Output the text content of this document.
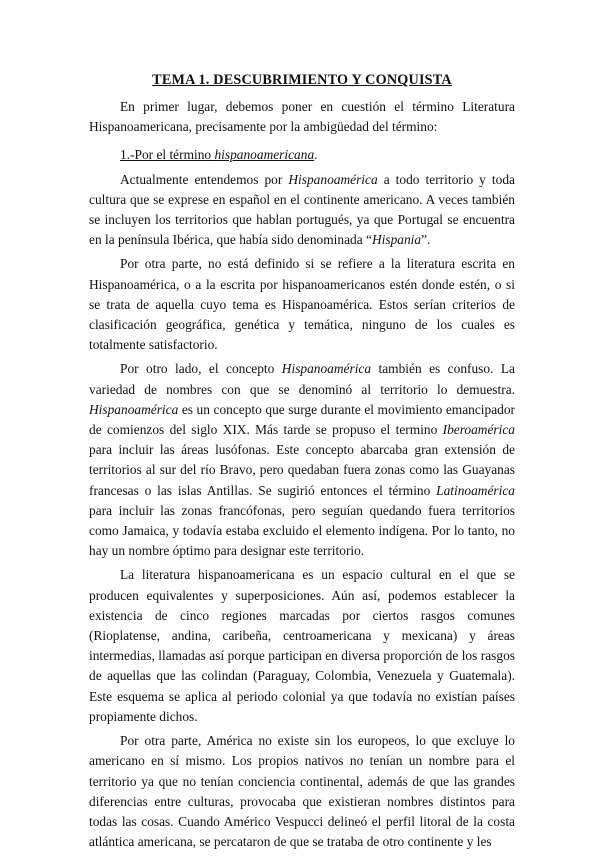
TEMA 1. DESCUBRIMIENTO Y CONQUISTA

En primer lugar, debemos poner en cuestión el término Literatura Hispanoamericana, precisamente por la ambigüedad del término:

1.-Por el término hispanoamericana.

Actualmente entendemos por Hispanoamérica a todo territorio y toda cultura que se exprese en español en el continente americano. A veces también se incluyen los territorios que hablan portugués, ya que Portugal se encuentra en la península Ibérica, que había sido denominada “Hispania”.

Por otra parte, no está definido si se refiere a la literatura escrita en Hispanoamérica, o a la escrita por hispanoamericanos estén donde estén, o si se trata de aquella cuyo tema es Hispanoamérica. Estos serían criterios de clasificación geográfica, genética y temática, ninguno de los cuales es totalmente satisfactorio.

Por otro lado, el concepto Hispanoamérica también es confuso. La variedad de nombres con que se denominó al territorio lo demuestra. Hispanoamérica es un concepto que surge durante el movimiento emancipador de comienzos del siglo XIX. Más tarde se propuso el termino Iberoamérica para incluir las áreas lusófonas. Este concepto abarcaba gran extensión de territorios al sur del río Bravo, pero quedaban fuera zonas como las Guayanas francesas o las islas Antillas. Se sugirió entonces el término Latinoamérica para incluir las zonas francófonas, pero seguían quedando fuera territorios como Jamaica, y todavía estaba excluido el elemento indígena. Por lo tanto, no hay un nombre óptimo para designar este territorio.

La literatura hispanoamericana es un espacio cultural en el que se producen equivalentes y superposiciones. Aún así, podemos establecer la existencia de cinco regiones marcadas por ciertos rasgos comunes (Rioplatense, andina, caribeña, centroamericana y mexicana) y áreas intermedias, llamadas así porque participan en diversa proporción de los rasgos de aquellas que las colindan (Paraguay, Colombia, Venezuela y Guatemala). Este esquema se aplica al periodo colonial ya que todavía no existían países propiamente dichos.

Por otra parte, América no existe sin los europeos, lo que excluye lo americano en sí mismo. Los propios nativos no tenían un nombre para el territorio ya que no tenían conciencia continental, además de que las grandes diferencias entre culturas, provocaba que existieran nombres distintos para todas las cosas. Cuando Américo Vespucci delineó el perfil litoral de la costa atlántica americana, se percataron de que se trataba de otro continente y les
